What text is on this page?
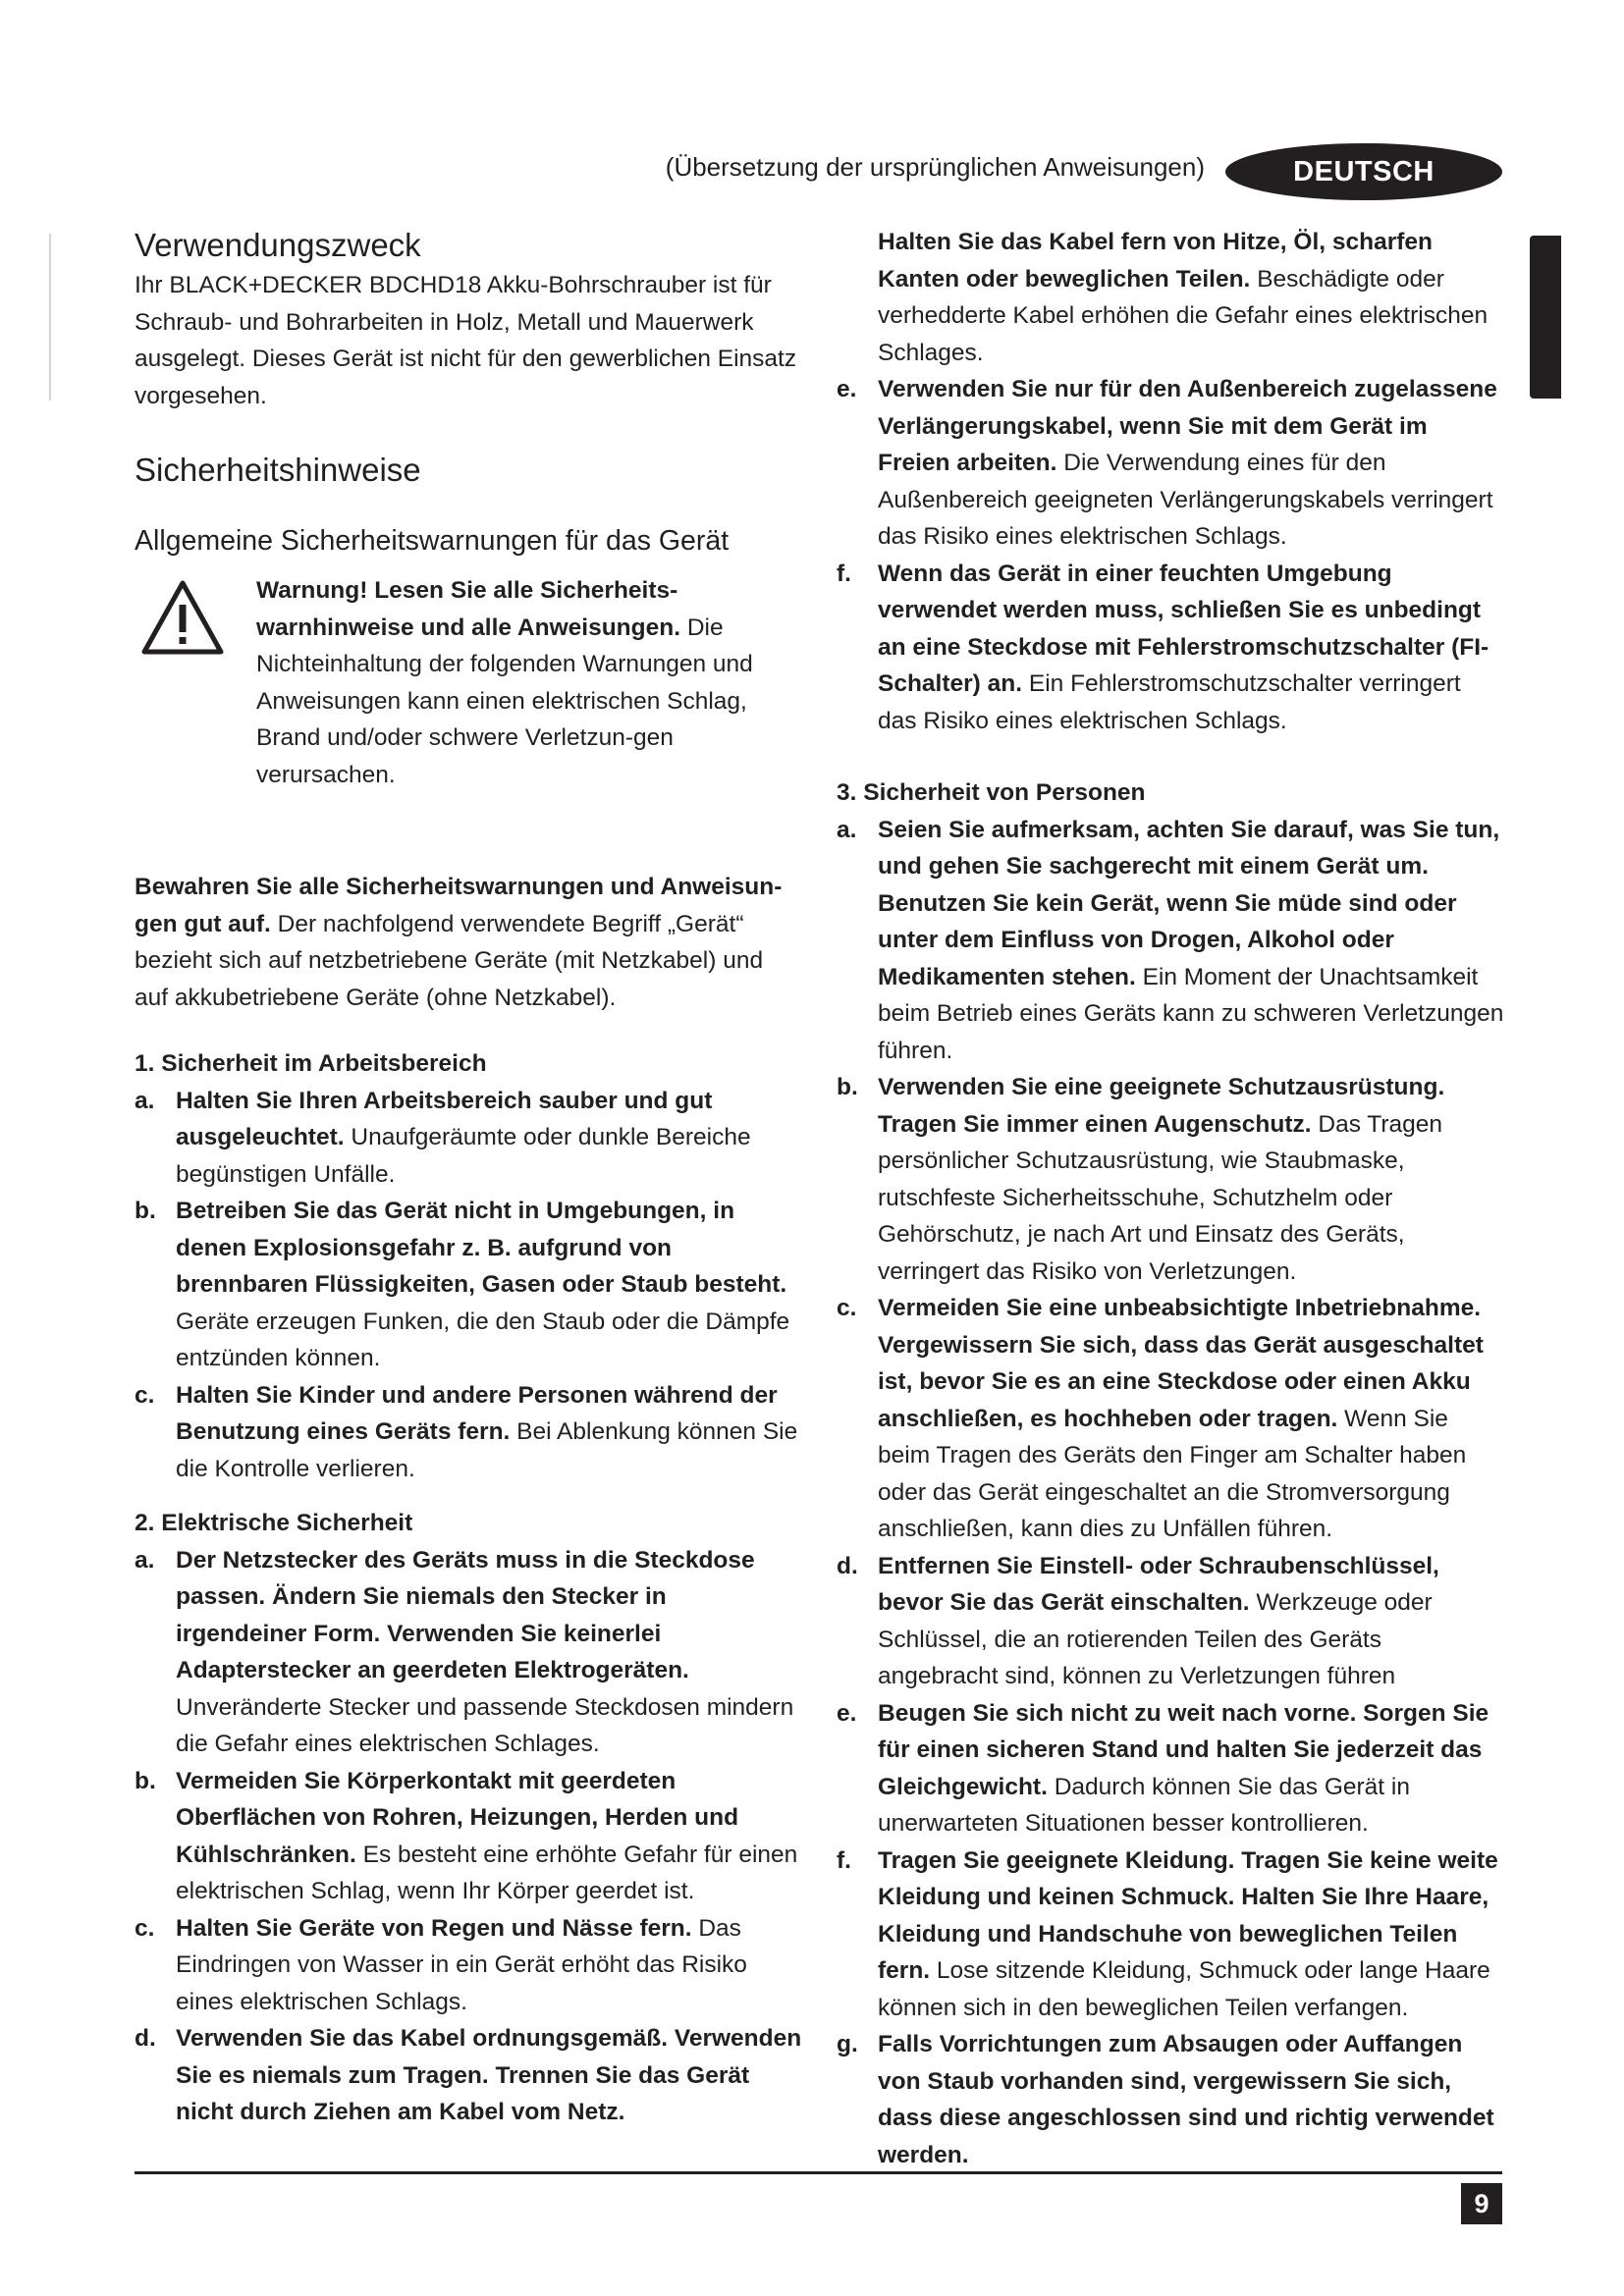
(Übersetzung der ursprünglichen Anweisungen)	DEUTSCH
Verwendungszweck

Ihr BLACK+DECKER BDCHD18 Akku-Bohrschrauber ist für Schraub- und Bohrarbeiten in Holz, Metall und Mauerwerk ausgelegt. Dieses Gerät ist nicht für den gewerblichen Einsatz vorgesehen.

Sicherheitshinweise
Allgemeine Sicherheitswarnungen für das Gerät

Warnung! Lesen Sie alle Sicherheits-warnhinweise und alle Anweisungen. Die Nichteinhaltung der folgenden Warnungen und Anweisungen kann einen elektrischen Schlag, Brand und/oder schwere Verletzun-gen verursachen.

Bewahren Sie alle Sicherheitswarnungen und Anweisun-gen gut auf. Der nachfolgend verwendete Begriff „Gerät“ bezieht sich auf netzbetriebene Geräte (mit Netzkabel) und auf akkubetriebene Geräte (ohne Netzkabel).

1. Sicherheit im Arbeitsbereich

a. Halten Sie Ihren Arbeitsbereich sauber und gut ausgeleuchtet. Unaufgeräumte oder dunkle Bereiche begünstigen Unfälle.
b. Betreiben Sie das Gerät nicht in Umgebungen, in denen Explosionsgefahr z. B. aufgrund von brennbaren Flüssigkeiten, Gasen oder Staub besteht. Geräte erzeugen Funken, die den Staub oder die Dämpfe entzünden können.
c. Halten Sie Kinder und andere Personen während der Benutzung eines Geräts fern. Bei Ablenkung können Sie die Kontrolle verlieren.

2. Elektrische Sicherheit

a. Der Netzstecker des Geräts muss in die Steckdose passen. Ändern Sie niemals den Stecker in irgendeiner Form. Verwenden Sie keinerlei Adapterstecker an geerdeten Elektrogeräten. Unveränderte Stecker und passende Steckdosen mindern die Gefahr eines elektrischen Schlages.
b. Vermeiden Sie Körperkontakt mit geerdeten Oberflächen von Rohren, Heizungen, Herden und Kühlschränken. Es besteht eine erhöhte Gefahr für einen elektrischen Schlag, wenn Ihr Körper geerdet ist.
c. Halten Sie Geräte von Regen und Nässe fern. Das Eindringen von Wasser in ein Gerät erhöht das Risiko eines elektrischen Schlags.
d. Verwenden Sie das Kabel ordnungsgemäß. Verwenden Sie es niemals zum Tragen. Trennen Sie das Gerät nicht durch Ziehen am Kabel vom Netz.
Halten Sie das Kabel fern von Hitze, Öl, scharfen Kanten oder beweglichen Teilen. Beschädigte oder verhedderte Kabel erhöhen die Gefahr eines elektrischen Schlages.
e. Verwenden Sie nur für den Außenbereich zugelassene Verlängerungskabel, wenn Sie mit dem Gerät im Freien arbeiten. Die Verwendung eines für den Außenbereich geeigneten Verlängerungskabels verringert das Risiko eines elektrischen Schlags.
f. Wenn das Gerät in einer feuchten Umgebung verwendet werden muss, schließen Sie es unbedingt an eine Steckdose mit Fehlerstromschutzschalter (FI-Schalter) an. Ein Fehlerstromschutzschalter verringert das Risiko eines elektrischen Schlags.

3. Sicherheit von Personen

a. Seien Sie aufmerksam, achten Sie darauf, was Sie tun, und gehen Sie sachgerecht mit einem Gerät um. Benutzen Sie kein Gerät, wenn Sie müde sind oder unter dem Einfluss von Drogen, Alkohol oder Medikamenten stehen. Ein Moment der Unachtsamkeit beim Betrieb eines Geräts kann zu schweren Verletzungen führen.
b. Verwenden Sie eine geeignete Schutzausrüstung. Tragen Sie immer einen Augenschutz. Das Tragen persönlicher Schutzausrüstung, wie Staubmaske, rutschfeste Sicherheitsschuhe, Schutzhelm oder Gehörschutz, je nach Art und Einsatz des Geräts, verringert das Risiko von Verletzungen.
c. Vermeiden Sie eine unbeabsichtigte Inbetriebnahme. Vergewissern Sie sich, dass das Gerät ausgeschaltet ist, bevor Sie es an eine Steckdose oder einen Akku anschließen, es hochheben oder tragen. Wenn Sie beim Tragen des Geräts den Finger am Schalter haben oder das Gerät eingeschaltet an die Stromversorgung anschließen, kann dies zu Unfällen führen.
d. Entfernen Sie Einstell- oder Schraubenschlüssel, bevor Sie das Gerät einschalten. Werkzeuge oder Schlüssel, die an rotierenden Teilen des Geräts angebracht sind, können zu Verletzungen führen
e. Beugen Sie sich nicht zu weit nach vorne. Sorgen Sie für einen sicheren Stand und halten Sie jederzeit das Gleichgewicht. Dadurch können Sie das Gerät in unerwarteten Situationen besser kontrollieren.
f. Tragen Sie geeignete Kleidung. Tragen Sie keine weite Kleidung und keinen Schmuck. Halten Sie Ihre Haare, Kleidung und Handschuhe von beweglichen Teilen fern. Lose sitzende Kleidung, Schmuck oder lange Haare können sich in den beweglichen Teilen verfangen.
g. Falls Vorrichtungen zum Absaugen oder Auffangen von Staub vorhanden sind, vergewissern Sie sich, dass diese angeschlossen sind und richtig verwendet werden.
9
